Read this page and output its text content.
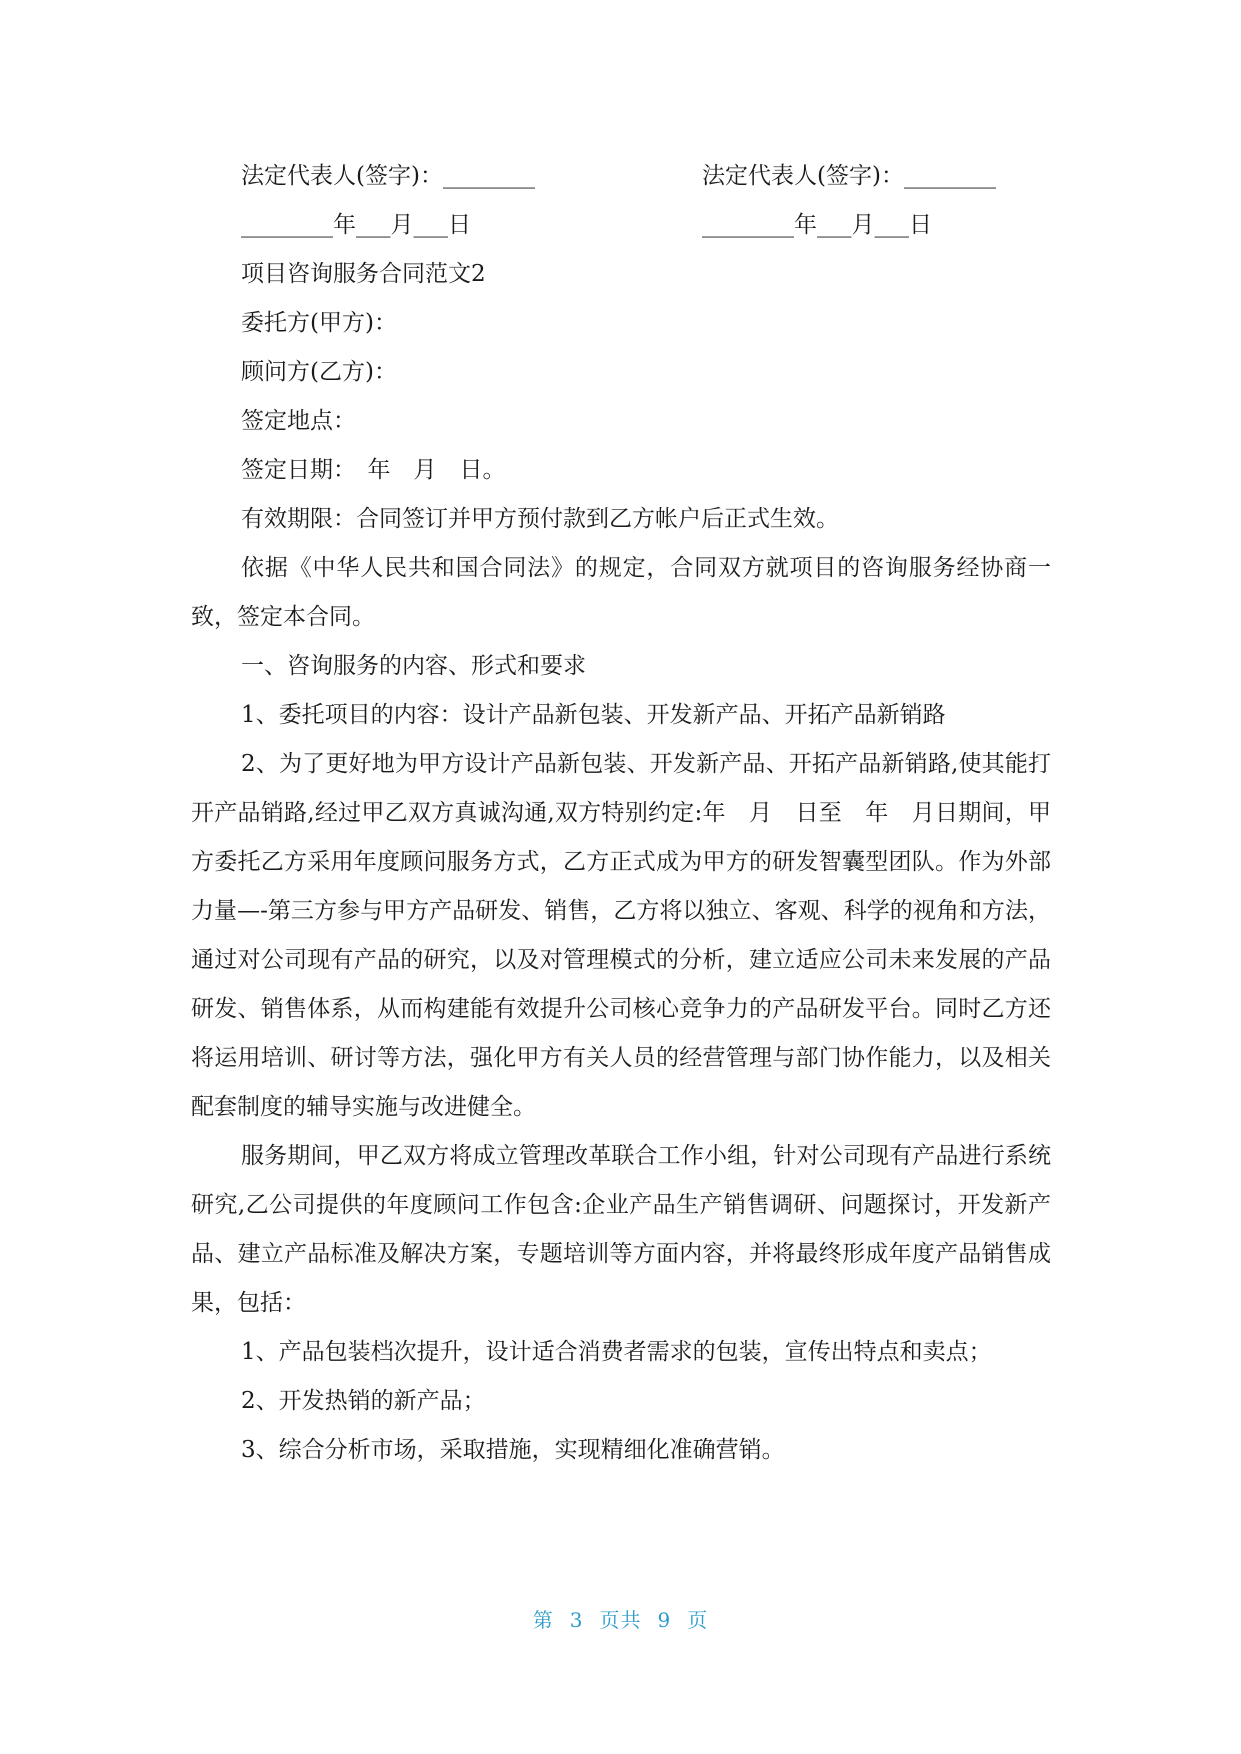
法定代表人(签字)：________	法定代表人(签字)：________
________年___月___日	________年___月___日

项目咨询服务合同范文2

委托方(甲方)：

顾问方(乙方)：

签定地点：

签定日期：　年　月　日。

有效期限：合同签订并甲方预付款到乙方帐户后正式生效。

依据《中华人民共和国合同法》的规定，合同双方就项目的咨询服务经协商一致，签定本合同。

一、咨询服务的内容、形式和要求

1、委托项目的内容：设计产品新包装、开发新产品、开拓产品新销路

2、为了更好地为甲方设计产品新包装、开发新产品、开拓产品新销路,使其能打开产品销路,经过甲乙双方真诚沟通,双方特别约定:年　月　日至　年　月日期间，甲方委托乙方采用年度顾问服务方式，乙方正式成为甲方的研发智囊型团队。作为外部力量—-第三方参与甲方产品研发、销售，乙方将以独立、客观、科学的视角和方法，通过对公司现有产品的研究，以及对管理模式的分析，建立适应公司未来发展的产品研发、销售体系，从而构建能有效提升公司核心竞争力的产品研发平台。同时乙方还将运用培训、研讨等方法，强化甲方有关人员的经营管理与部门协作能力，以及相关配套制度的辅导实施与改进健全。

服务期间，甲乙双方将成立管理改革联合工作小组，针对公司现有产品进行系统研究,乙公司提供的年度顾问工作包含:企业产品生产销售调研、问题探讨，开发新产品、建立产品标准及解决方案，专题培训等方面内容，并将最终形成年度产品销售成果，包括：

1、产品包装档次提升，设计适合消费者需求的包装，宣传出特点和卖点；

2、开发热销的新产品；

3、综合分析市场，采取措施，实现精细化准确营销。

第 3 页共 9 页
